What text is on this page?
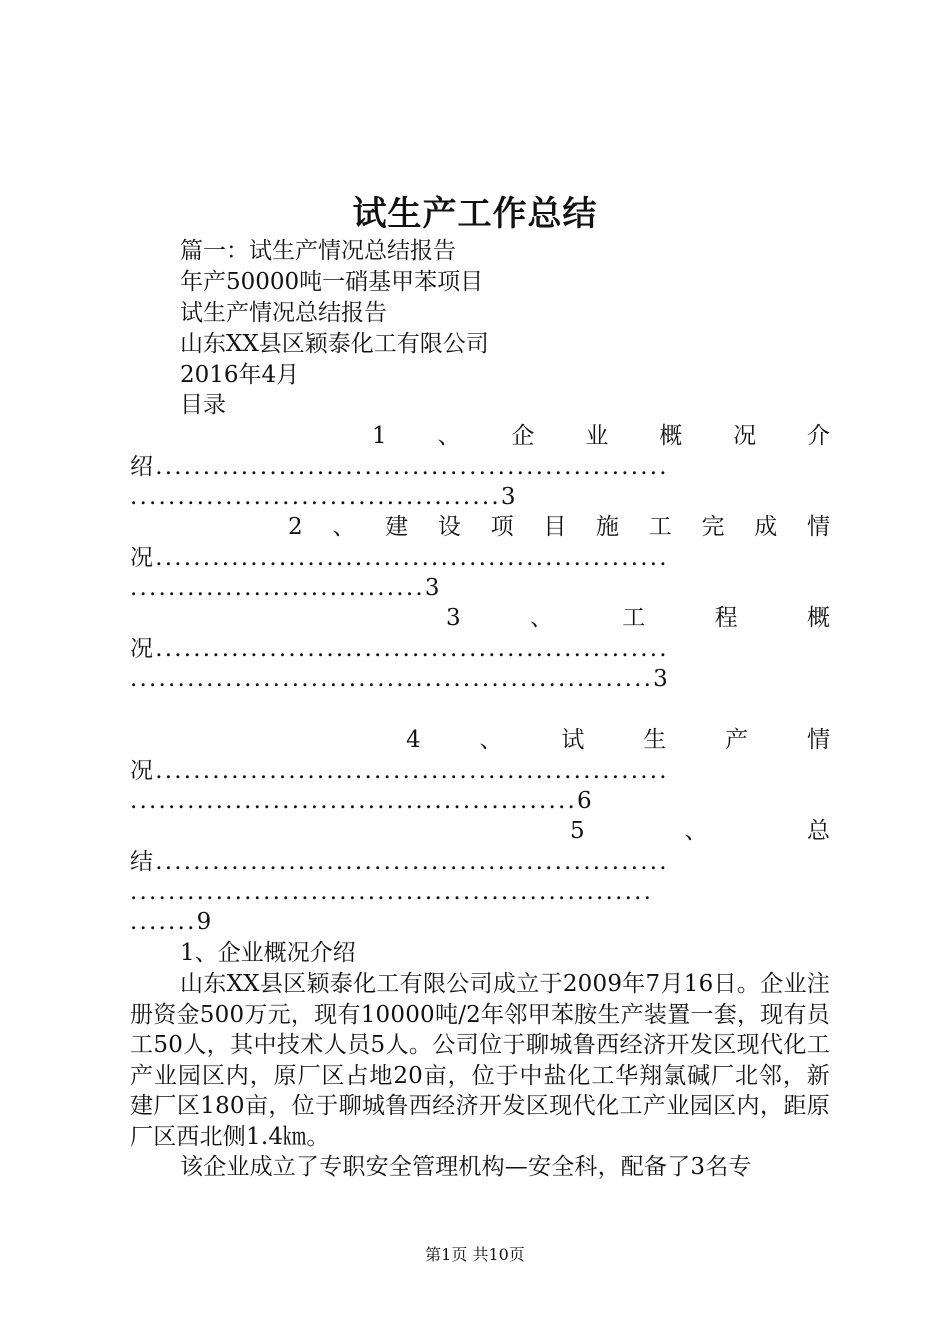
试生产工作总结
篇一：试生产情况总结报告
年产50000吨一硝基甲苯项目
试生产情况总结报告
山东XX县区颖泰化工有限公司
2016年4月
目录
1 、 企 业 概 况 介
绍......................................................
.......................................3
2 、 建 设 项 目 施 工 完 成 情
况......................................................
...............................3
3	、	工	程	概
况......................................................
.......................................................3
4	、	试	生	产	情
况......................................................
...............................................6
5	、	总
结......................................................
.......................................................
.......9
1、企业概况介绍
山东XX县区颖泰化工有限公司成立于2009年7月16日。企业注册资金500万元，现有10000吨/2年邻甲苯胺生产装置一套，现有员工50人，其中技术人员5人。公司位于聊城鲁西经济开发区现代化工产业园区内，原厂区占地20亩，位于中盐化工华翔氯碱厂北邻，新建厂区180亩，位于聊城鲁西经济开发区现代化工产业园区内，距原厂区西北侧1.4㎞。
该企业成立了专职安全管理机构—安全科，配备了3名专
第1页 共10页
